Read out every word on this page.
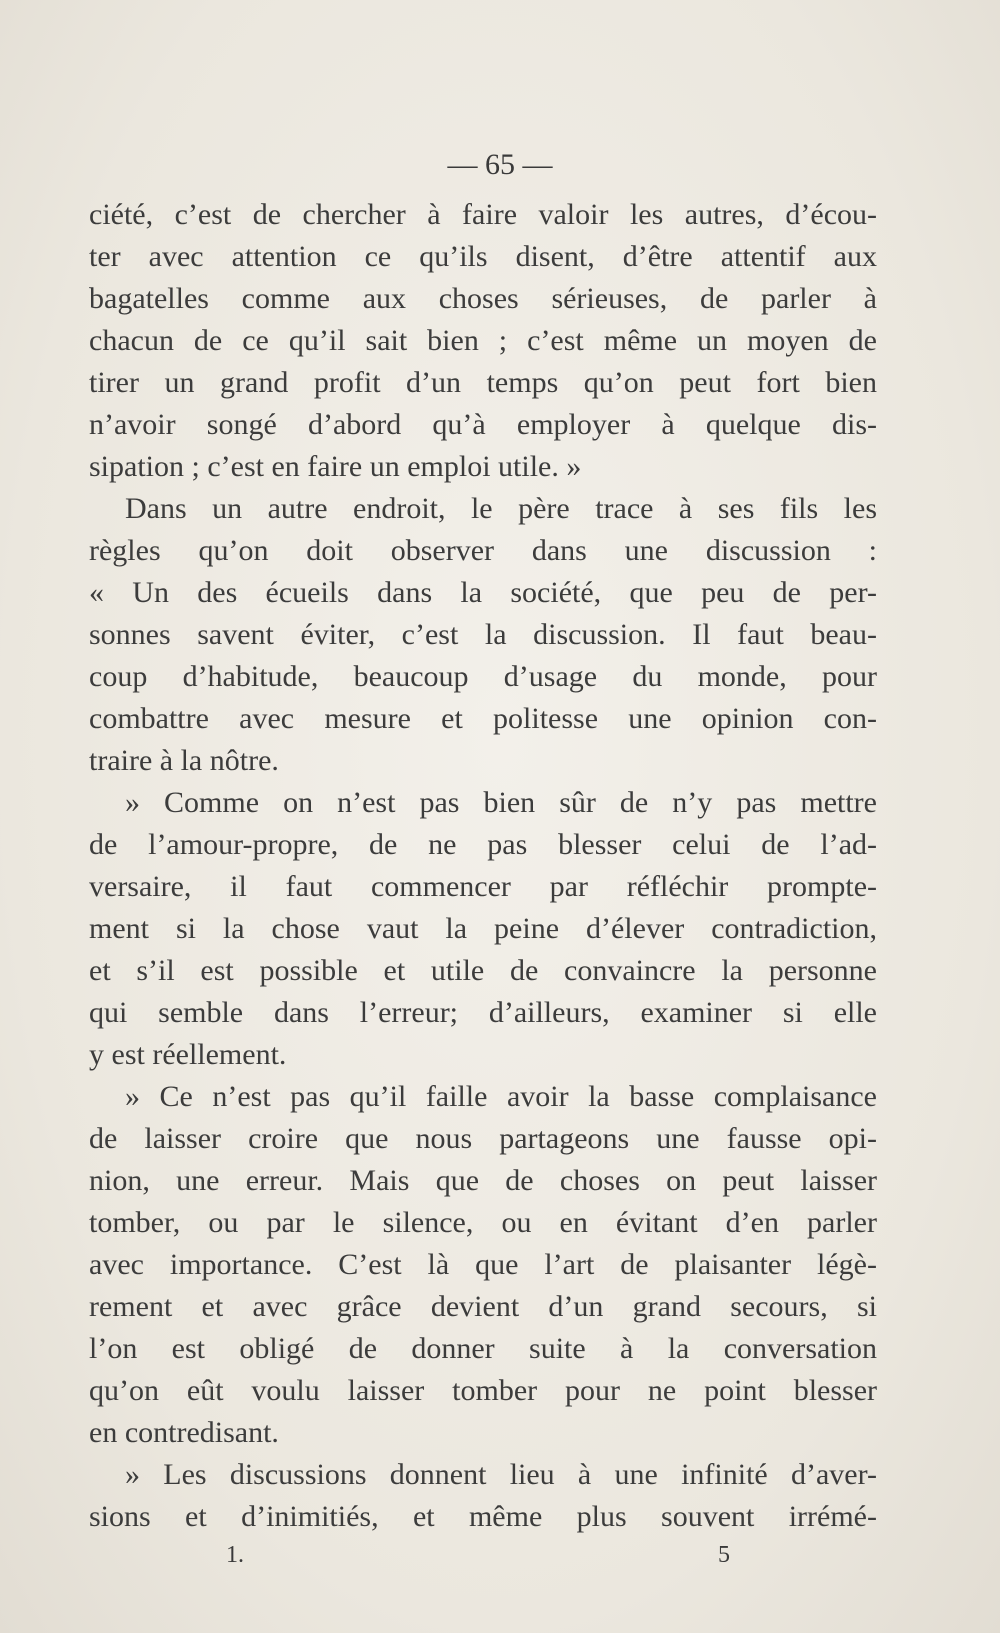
— 65 —
ciété, c’est de chercher à faire valoir les autres, d’écou-
ter avec attention ce qu’ils disent, d’être attentif aux
bagatelles comme aux choses sérieuses, de parler à
chacun de ce qu’il sait bien ; c’est même un moyen de
tirer un grand profit d’un temps qu’on peut fort bien
n’avoir songé d’abord qu’à employer à quelque dis-
sipation ; c’est en faire un emploi utile. »
Dans un autre endroit, le père trace à ses fils les
règles qu’on doit observer dans une discussion :
« Un des écueils dans la société, que peu de per-
sonnes savent éviter, c’est la discussion. Il faut beau-
coup d’habitude, beaucoup d’usage du monde, pour
combattre avec mesure et politesse une opinion con-
traire à la nôtre.
» Comme on n’est pas bien sûr de n’y pas mettre
de l’amour-propre, de ne pas blesser celui de l’ad-
versaire, il faut commencer par réfléchir prompte-
ment si la chose vaut la peine d’élever contradiction,
et s’il est possible et utile de convaincre la personne
qui semble dans l’erreur; d’ailleurs, examiner si elle
y est réellement.
» Ce n’est pas qu’il faille avoir la basse complaisance
de laisser croire que nous partageons une fausse opi-
nion, une erreur. Mais que de choses on peut laisser
tomber, ou par le silence, ou en évitant d’en parler
avec importance. C’est là que l’art de plaisanter légè-
rement et avec grâce devient d’un grand secours, si
l’on est obligé de donner suite à la conversation
qu’on eût voulu laisser tomber pour ne point blesser
en contredisant.
» Les discussions donnent lieu à une infinité d’aver-
sions et d’inimitiés, et même plus souvent irrémé-
1.	5
